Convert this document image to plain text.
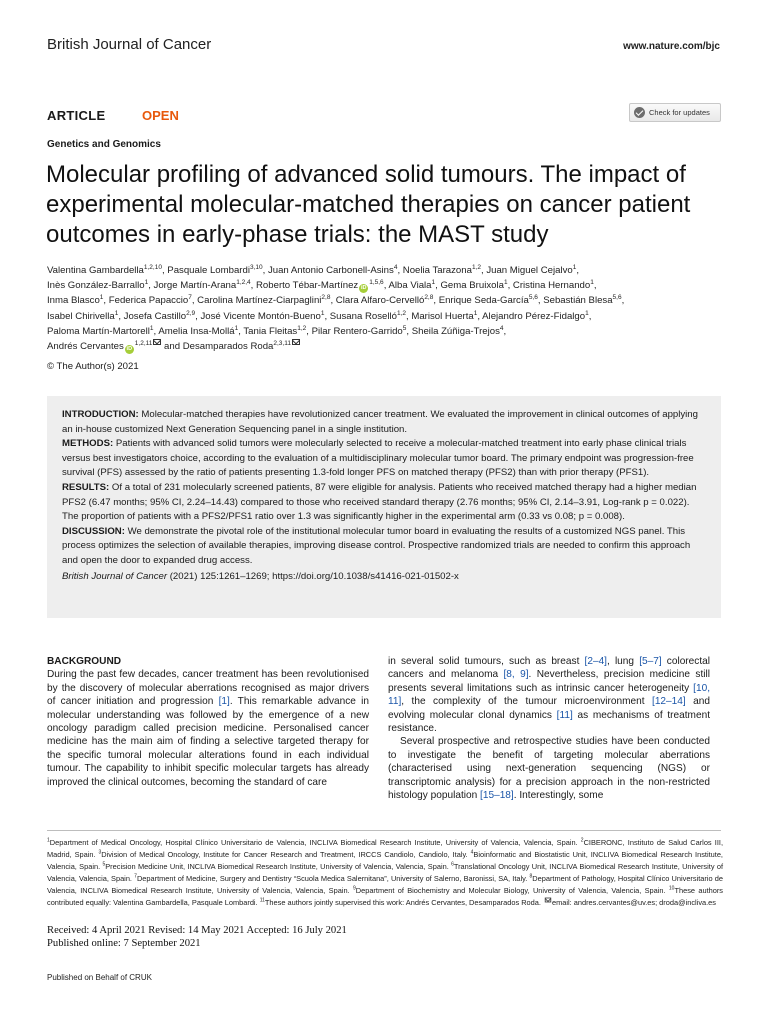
British Journal of Cancer	www.nature.com/bjc
ARTICLE	OPEN	Check for updates
Genetics and Genomics
Molecular profiling of advanced solid tumours. The impact of experimental molecular-matched therapies on cancer patient outcomes in early-phase trials: the MAST study
Valentina Gambardella$^{1,2,10}$, Pasquale Lombardi$^{3,10}$, Juan Antonio Carbonell-Asins$^4$, Noelia Tarazona$^{1,2}$, Juan Miguel Cejalvo$^1$,
Inès González-Barrallo$^1$, Jorge Martín-Arana$^{1,2,4}$, Roberto Tébar-Martínez iD$^{1,5,6}$, Alba Viala$^1$, Gema Bruixola$^1$, Cristina Hernando$^1$,
Inma Blasco$^1$, Federica Papaccio$^7$, Carolina Martínez-Ciarpaglini$^{2,8}$, Clara Alfaro-Cervelló$^{2,8}$, Enrique Seda-García$^{5,6}$, Sebastián Blesa$^{5,6}$,
Isabel Chirivella$^1$, Josefa Castillo$^{2,9}$, José Vicente Montón-Bueno$^1$, Susana Roselló$^{1,2}$, Marisol Huerta$^1$, Alejandro Pérez-Fidalgo$^1$,
Paloma Martín-Martorell$^1$, Amelia Insa-Mollá$^1$, Tania Fleitas$^{1,2}$, Pilar Rentero-Garrido$^5$, Sheila Zúñiga-Trejos$^4$,
Andrés Cervantes iD$^{1,2,11}$ and Desamparados Roda$^{2,3,11}$
© The Author(s) 2021

INTRODUCTION: Molecular-matched therapies have revolutionized cancer treatment. We evaluated the improvement in clinical outcomes of applying an in-house customized Next Generation Sequencing panel in a single institution.

METHODS: Patients with advanced solid tumors were molecularly selected to receive a molecular-matched treatment into early phase clinical trials versus best investigators choice, according to the evaluation of a multidisciplinary molecular tumor board. The primary endpoint was progression-free survival (PFS) assessed by the ratio of patients presenting 1.3-fold longer PFS on matched therapy (PFS2) than with prior therapy (PFS1).

RESULTS: Of a total of 231 molecularly screened patients, 87 were eligible for analysis. Patients who received matched therapy had a higher median PFS2 (6.47 months; 95% CI, 2.24–14.43) compared to those who received standard therapy (2.76 months; 95% CI, 2.14–3.91, Log-rank p = 0.022). The proportion of patients with a PFS2/PFS1 ratio over 1.3 was significantly higher in the experimental arm (0.33 vs 0.08; p = 0.008).

DISCUSSION: We demonstrate the pivotal role of the institutional molecular tumor board in evaluating the results of a customized NGS panel. This process optimizes the selection of available therapies, improving disease control. Prospective randomized trials are needed to confirm this approach and open the door to expanded drug access.

British Journal of Cancer (2021) 125:1261–1269; https://doi.org/10.1038/s41416-021-01502-x

BACKGROUND

During the past few decades, cancer treatment has been revolutionised by the discovery of molecular aberrations recognised as major drivers of cancer initiation and progression [1]. This remarkable advance in molecular understanding was followed by the emergence of a new oncology paradigm called precision medicine. Personalised cancer medicine has the main aim of finding a selective targeted therapy for the specific tumoral molecular alterations found in each individual tumour. The capability to inhibit specific molecular targets has already improved the clinical outcomes, becoming the standard of care

in several solid tumours, such as breast [2–4], lung [5–7] colorectal cancers and melanoma [8, 9]. Nevertheless, precision medicine still presents several limitations such as intrinsic cancer heterogeneity [10, 11], the complexity of the tumour microenvironment [12–14] and evolving molecular clonal dynamics [11] as mechanisms of treatment resistance.

Several prospective and retrospective studies have been conducted to investigate the benefit of targeting molecular aberrations (characterised using next-generation sequencing (NGS) or transcriptomic analysis) for a precision approach in the non-restricted histology population [15–18]. Interestingly, some

$^1$Department of Medical Oncology, Hospital Clínico Universitario de Valencia, INCLIVA Biomedical Research Institute, University of Valencia, Valencia, Spain. $^2$CIBERONC, Instituto de Salud Carlos III, Madrid, Spain. $^3$Division of Medical Oncology, Institute for Cancer Research and Treatment, IRCCS Candiolo, Candiolo, Italy. $^4$Bioinformatic and Biostatistic Unit, INCLIVA Biomedical Research Institute, Valencia, Spain. $^5$Precision Medicine Unit, INCLIVA Biomedical Research Institute, University of Valencia, Valencia, Spain. $^6$Translational Oncology Unit, INCLIVA Biomedical Research Institute, University of Valencia, Valencia, Spain. $^7$Department of Medicine, Surgery and Dentistry “Scuola Medica Salernitana”, University of Salerno, Baronissi, SA, Italy. $^8$Department of Pathology, Hospital Clínico Universitario de Valencia, INCLIVA Biomedical Research Institute, University of Valencia, Valencia, Spain. $^9$Department of Biochemistry and Molecular Biology, University of Valencia, Valencia, Spain. $^{10}$These authors contributed equally: Valentina Gambardella, Pasquale Lombardi. $^{11}$These authors jointly supervised this work: Andrés Cervantes, Desamparados Roda. email: andres.cervantes@uv.es; droda@incliva.es
Received: 4 April 2021 Revised: 14 May 2021 Accepted: 16 July 2021
Published online: 7 September 2021
Published on Behalf of CRUK
